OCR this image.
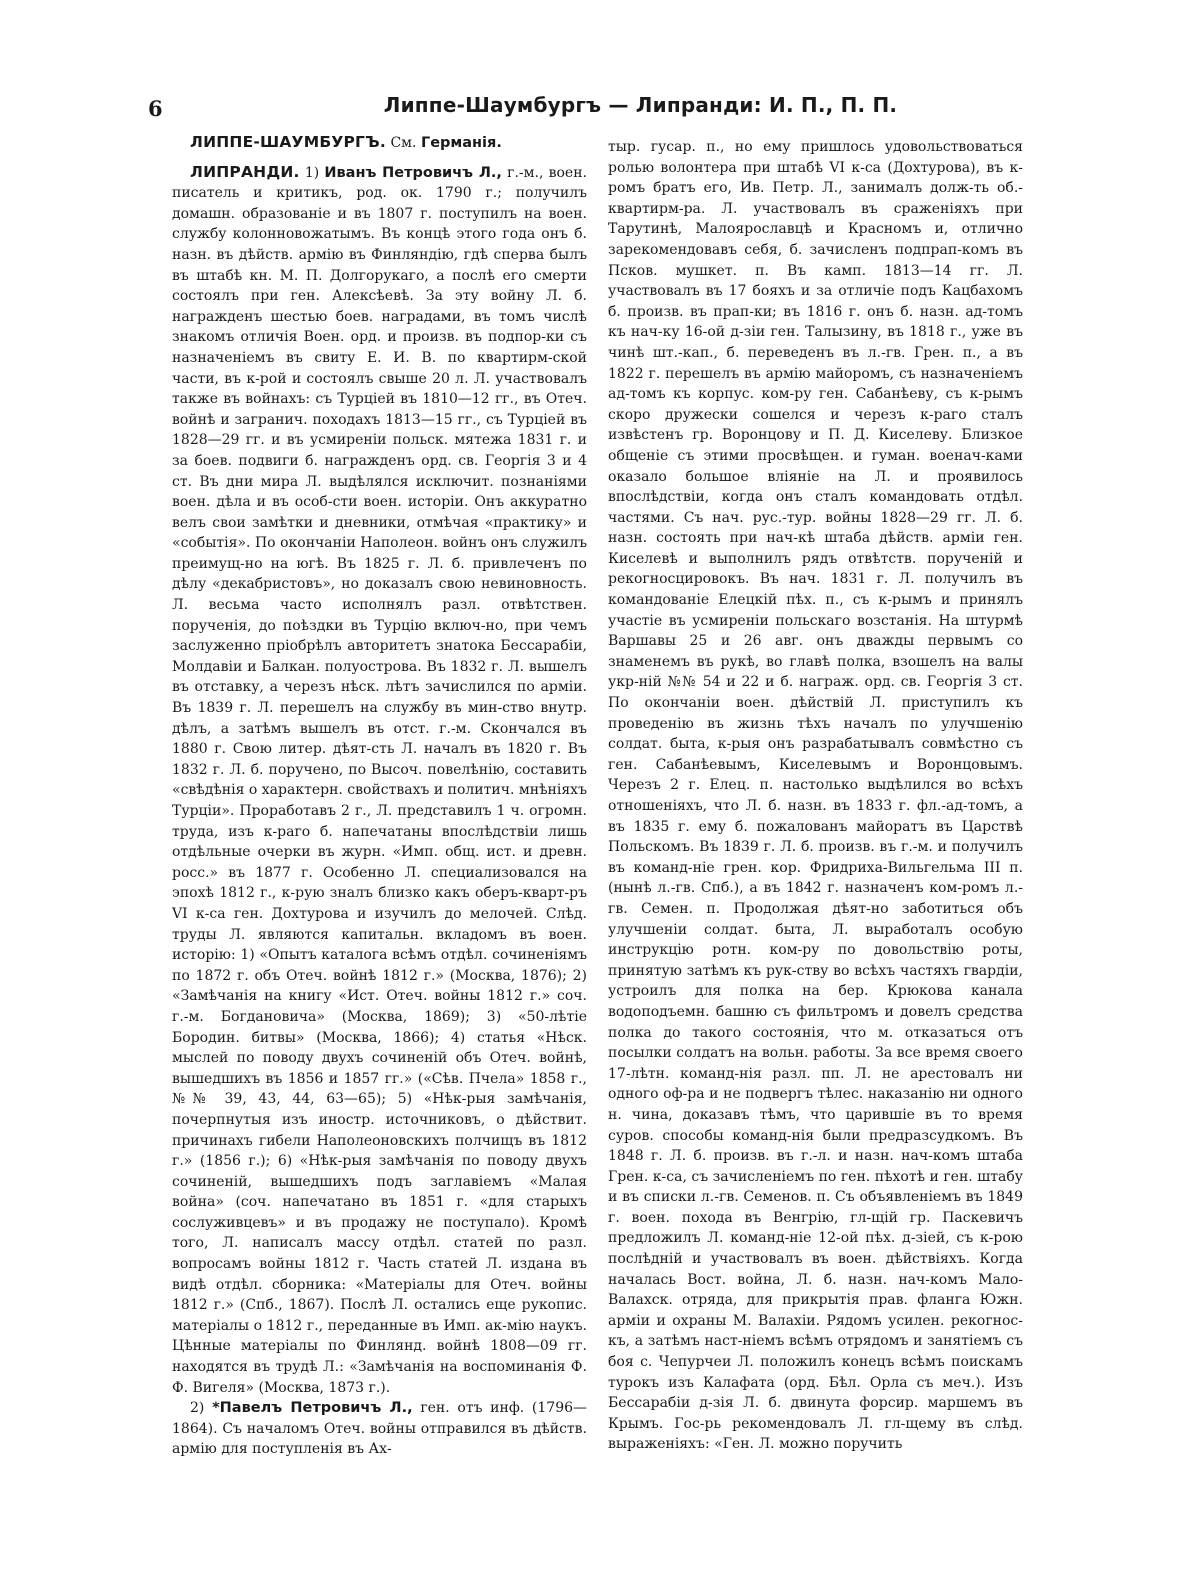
6	Липпе-Шаумбургъ — Липранди: И. П., П. П.

ЛИППЕ-ШАУМБУРГЪ. См. Германія.

ЛИПРАНДИ. 1) Иванъ Петровичъ Л., г.-м., воен. писатель и критикъ, род. ок. 1790 г.; получилъ домашн. образованіе и въ 1807 г. поступилъ на воен. службу колонновожатымъ. Въ концѣ этого года онъ б. назн. въ дѣйств. армію въ Финляндію, гдѣ сперва былъ въ штабѣ кн. М. П. Долгорукаго, а послѣ его смерти состоялъ при ген. Алексѣевѣ. За эту войну Л. б. награжденъ шестью боев. наградами, въ томъ числѣ знакомъ отличія Воен. орд. и произв. въ подпор-ки съ назначеніемъ въ свиту Е. И. В. по квартирм-ской части, въ к-рой и состоялъ свыше 20 л. Л. участвовалъ также въ войнахъ: съ Турціей въ 1810—12 гг., въ Отеч. войнѣ и загранич. походахъ 1813—15 гг., съ Турціей въ 1828—29 гг. и въ усмиреніи польск. мятежа 1831 г. и за боев. подвиги б. награжденъ орд. св. Георгія 3 и 4 ст. Въ дни мира Л. выдѣлялся исключит. познаніями воен. дѣла и въ особ-сти воен. исторіи. Онъ аккуратно велъ свои замѣтки и дневники, отмѣчая «практику» и «событія». По окончаніи Наполеон. войнъ онъ служилъ преимущ-но на югѣ. Въ 1825 г. Л. б. привлеченъ по дѣлу «декабристовъ», но доказалъ свою невиновность. Л. весьма часто исполнялъ разл. отвѣтствен. порученія, до поѣздки въ Турцію включ-но, при чемъ заслуженно пріобрѣлъ авторитетъ знатока Бессарабіи, Молдавіи и Балкан. полуострова. Въ 1832 г. Л. вышелъ въ отставку, а черезъ нѣск. лѣтъ зачислился по арміи. Въ 1839 г. Л. перешелъ на службу въ мин-ство внутр. дѣлъ, а затѣмъ вышелъ въ отст. г.-м. Скончался въ 1880 г. Свою литер. дѣят-сть Л. началъ въ 1820 г. Въ 1832 г. Л. б. поручено, по Высоч. повелѣнію, составить «свѣдѣнія о характерн. свойствахъ и политич. мнѣніяхъ Турціи». Проработавъ 2 г., Л. представилъ 1 ч. огромн. труда, изъ к-раго б. напечатаны впослѣдствіи лишь отдѣльные очерки въ журн. «Имп. общ. ист. и древн. росс.» въ 1877 г. Особенно Л. специализовался на эпохѣ 1812 г., к-рую зналъ близко какъ оберъ-кварт-ръ VI к-са ген. Дохтурова и изучилъ до мелочей. Слѣд. труды Л. являются капитальн. вкладомъ въ воен. исторію: 1) «Опытъ каталога всѣмъ отдѣл. сочиненіямъ по 1872 г. объ Отеч. войнѣ 1812 г.» (Москва, 1876); 2) «Замѣчанія на книгу «Ист. Отеч. войны 1812 г.» соч. г.-м. Богдановича» (Москва, 1869); 3) «50-лѣтіе Бородин. битвы» (Москва, 1866); 4) статья «Нѣск. мыслей по поводу двухъ сочиненій объ Отеч. войнѣ, вышедшихъ въ 1856 и 1857 гг.» («Сѣв. Пчела» 1858 г., №№ 39, 43, 44, 63—65); 5) «Нѣк-рыя замѣчанія, почерпнутыя изъ иностр. источниковъ, о дѣйствит. причинахъ гибели Наполеоновскихъ полчищъ въ 1812 г.» (1856 г.); 6) «Нѣк-рыя замѣчанія по поводу двухъ сочиненій, вышедшихъ подъ заглавіемъ «Малая война» (соч. напечатано въ 1851 г. «для старыхъ сослуживцевъ» и въ продажу не поступало). Кромѣ того, Л. написалъ массу отдѣл. статей по разл. вопросамъ войны 1812 г. Часть статей Л. издана въ видѣ отдѣл. сборника: «Матеріалы для Отеч. войны 1812 г.» (Спб., 1867). Послѣ Л. остались еще рукопис. матеріалы о 1812 г., переданные въ Имп. ак-мію наукъ. Цѣнные матеріалы по Финлянд. войнѣ 1808—09 гг. находятся въ трудѣ Л.: «Замѣчанія на воспоминанія Ф. Ф. Вигеля» (Москва, 1873 г.).

2) *Павелъ Петровичъ Л., ген. отъ инф. (1796—1864). Съ началомъ Отеч. войны отправился въ дѣйств. армію для поступленія въ Ах-

тыр. гусар. п., но ему пришлось удовольствоваться ролью волонтера при штабѣ VI к-са (Дохтурова), въ к-ромъ братъ его, Ив. Петр. Л., занималъ долж-ть об.-квартирм-ра. Л. участвовалъ въ сраженіяхъ при Тарутинѣ, Малоярославцѣ и Красномъ и, отлично зарекомендовавъ себя, б. зачисленъ подпрап-комъ въ Псков. мушкет. п. Въ камп. 1813—14 гг. Л. участвовалъ въ 17 бояхъ и за отличіе подъ Кацбахомъ б. произв. въ прап-ки; въ 1816 г. онъ б. назн. ад-томъ къ нач-ку 16-ой д-зіи ген. Талызину, въ 1818 г., уже въ чинѣ шт.-кап., б. переведенъ въ л.-гв. Грен. п., а въ 1822 г. перешелъ въ армію майоромъ, съ назначеніемъ ад-томъ къ корпус. ком-ру ген. Сабанѣеву, съ к-рымъ скоро дружески сошелся и черезъ к-раго сталъ извѣстенъ гр. Воронцову и П. Д. Киселеву. Близкое общеніе съ этими просвѣщен. и гуман. военач-ками оказало большое вліяніе на Л. и проявилось впослѣдствіи, когда онъ сталъ командовать отдѣл. частями. Съ нач. рус.-тур. войны 1828—29 гг. Л. б. назн. состоять при нач-кѣ штаба дѣйств. арміи ген. Киселевѣ и выполнилъ рядъ отвѣтств. порученій и рекогносцировокъ. Въ нач. 1831 г. Л. получилъ въ командованіе Елецкій пѣх. п., съ к-рымъ и принялъ участіе въ усмиреніи польскаго возстанія. На штурмѣ Варшавы 25 и 26 авг. онъ дважды первымъ со знаменемъ въ рукѣ, во главѣ полка, взошелъ на валы укр-ній №№ 54 и 22 и б. награж. орд. св. Георгія 3 ст. По окончаніи воен. дѣйствій Л. приступилъ къ проведенію въ жизнь тѣхъ началъ по улучшенію солдат. быта, к-рыя онъ разрабатывалъ совмѣстно съ ген. Сабанѣевымъ, Киселевымъ и Воронцовымъ. Черезъ 2 г. Елец. п. настолько выдѣлился во всѣхъ отношеніяхъ, что Л. б. назн. въ 1833 г. фл.-ад-томъ, а въ 1835 г. ему б. пожалованъ майоратъ въ Царствѣ Польскомъ. Въ 1839 г. Л. б. произв. въ г.-м. и получилъ въ команд-ніе грен. кор. Фридриха-Вильгельма III п. (нынѣ л.-гв. Спб.), а въ 1842 г. назначенъ ком-ромъ л.-гв. Семен. п. Продолжая дѣят-но заботиться объ улучшеніи солдат. быта, Л. выработалъ особую инструкцію ротн. ком-ру по довольствію роты, принятую затѣмъ къ рук-ству во всѣхъ частяхъ гвардіи, устроилъ для полка на бер. Крюкова канала водоподъемн. башню съ фильтромъ и довелъ средства полка до такого состоянія, что м. отказаться отъ посылки солдатъ на вольн. работы. За все время своего 17-лѣтн. команд-нія разл. пп. Л. не арестовалъ ни одного оф-ра и не подвергъ тѣлес. наказанію ни одного н. чина, доказавъ тѣмъ, что царившіе въ то время суров. способы команд-нія были предразсудкомъ. Въ 1848 г. Л. б. произв. въ г.-л. и назн. нач-комъ штаба Грен. к-са, съ зачисленіемъ по ген. пѣхотѣ и ген. штабу и въ списки л.-гв. Семенов. п. Съ объявленіемъ въ 1849 г. воен. похода въ Венгрію, гл-щій гр. Паскевичъ предложилъ Л. команд-ніе 12-ой пѣх. д-зіей, съ к-рою послѣдній и участвовалъ въ воен. дѣйствіяхъ. Когда началась Вост. война, Л. б. назн. нач-комъ Мало-Валахск. отряда, для прикрытія прав. фланга Южн. арміи и охраны М. Валахіи. Рядомъ усилен. рекогнос-къ, а затѣмъ наст-ніемъ всѣмъ отрядомъ и занятіемъ съ боя с. Чепурчеи Л. положилъ конецъ всѣмъ поискамъ турокъ изъ Калафата (орд. Бѣл. Орла съ меч.). Изъ Бессарабіи д-зія Л. б. двинута форсир. маршемъ въ Крымъ. Гос-рь рекомендовалъ Л. гл-щему въ слѣд. выраженіяхъ: «Ген. Л. можно поручить
